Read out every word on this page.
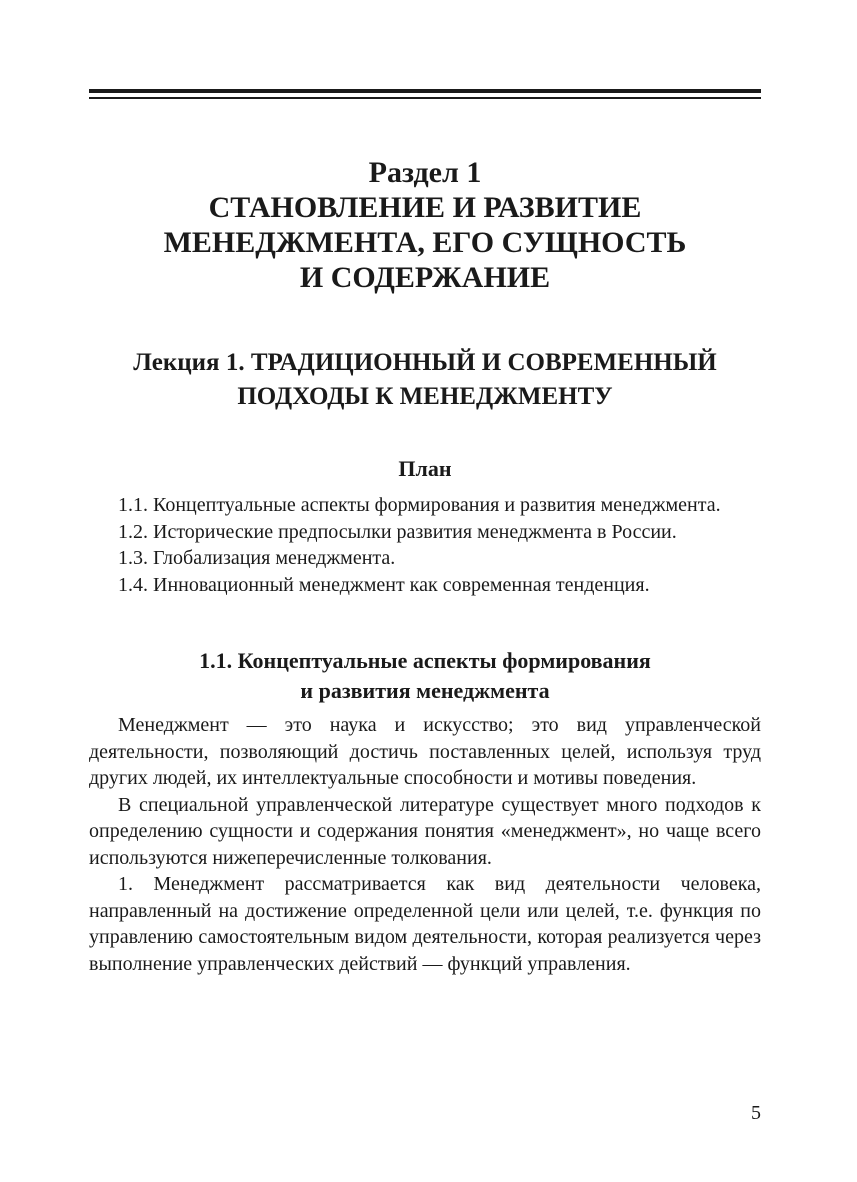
Раздел 1
СТАНОВЛЕНИЕ И РАЗВИТИЕ
МЕНЕДЖМЕНТА, ЕГО СУЩНОСТЬ
И СОДЕРЖАНИЕ
Лекция 1. ТРАДИЦИОННЫЙ И СОВРЕМЕННЫЙ
ПОДХОДЫ К МЕНЕДЖМЕНТУ
План
1.1. Концептуальные аспекты формирования и развития менеджмента.
1.2. Исторические предпосылки развития менеджмента в России.
1.3. Глобализация менеджмента.
1.4. Инновационный менеджмент как современная тенденция.
1.1. Концептуальные аспекты формирования
и развития менеджмента

Менеджмент — это наука и искусство; это вид управленческой деятельности, позволяющий достичь поставленных целей, используя труд других людей, их интеллектуальные способности и мотивы поведения.

В специальной управленческой литературе существует много подходов к определению сущности и содержания понятия «менеджмент», но чаще всего используются нижеперечисленные толкования.

1. Менеджмент рассматривается как вид деятельности человека, направленный на достижение определенной цели или целей, т.е. функция по управлению самостоятельным видом деятельности, которая реализуется через выполнение управленческих действий — функций управления.

5
